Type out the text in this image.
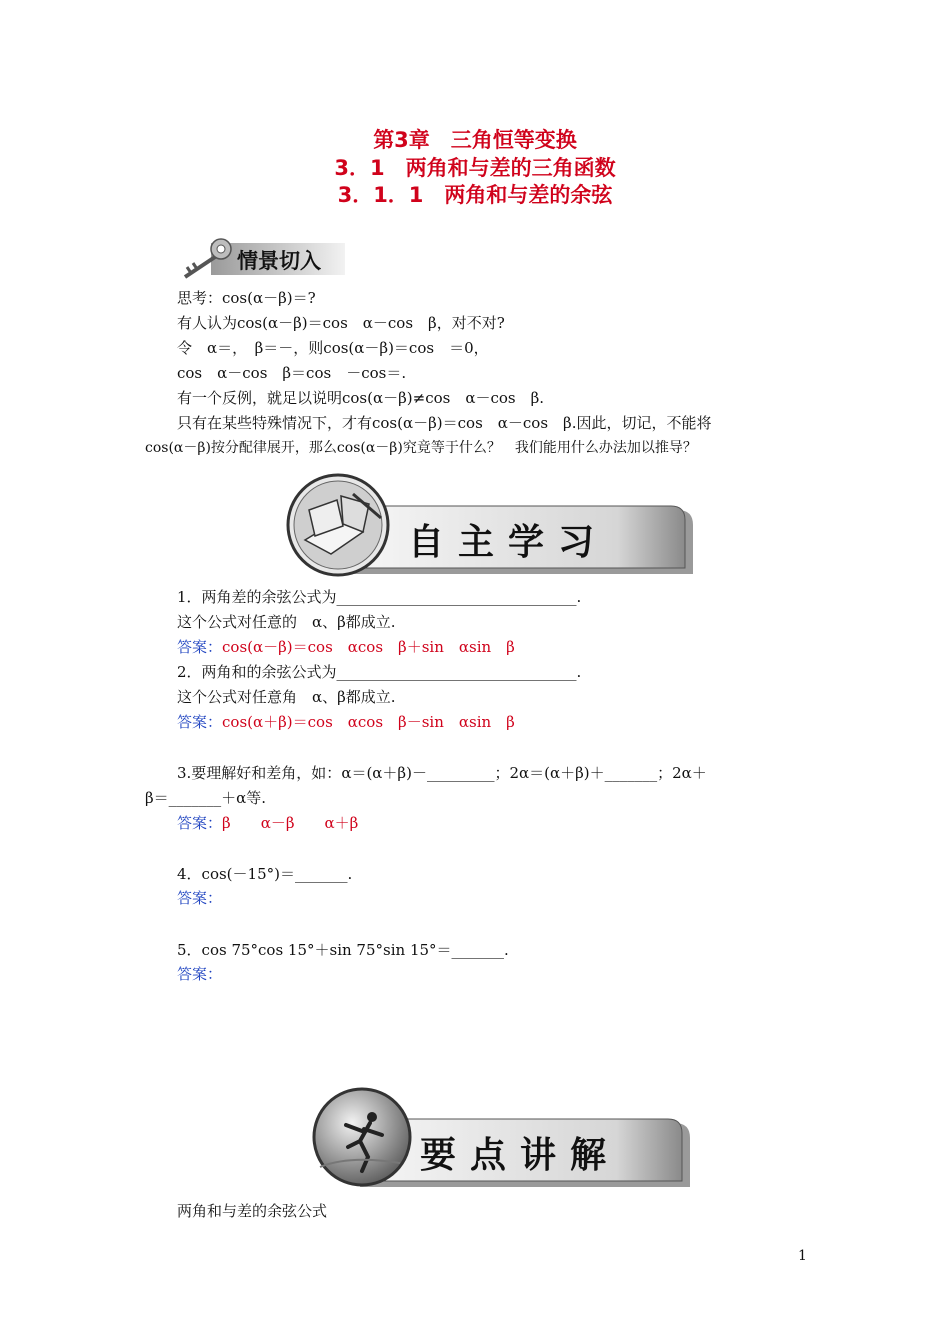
第3章　三角恒等变换
3．1　两角和与差的三角函数
3．1．1　两角和与差的余弦
情景切入
思考：cos(α－β)＝?
有人认为cos(α－β)＝cos　α－cos　β，对不对?
令　α＝，　β＝－，则cos(α－β)＝cos　＝0，
cos　α－cos　β＝cos　－cos＝.
有一个反例，就足以说明cos(α－β)≠cos　α－cos　β.
只有在某些特殊情况下，才有cos(α－β)＝cos　α－cos　β.因此，切记，不能将
cos(α－β)按分配律展开，那么cos(α－β)究竟等于什么？　我们能用什么办法加以推导？
自主学习
1．两角差的余弦公式为________________________________.
这个公式对任意的　α、β都成立.
答案：cos(α－β)＝cos　αcos　β＋sin　αsin　β
2．两角和的余弦公式为________________________________.
这个公式对任意角　α、β都成立.
答案：cos(α＋β)＝cos　αcos　β－sin　αsin　β
3.要理解好和差角，如：α＝(α＋β)－_________；2α＝(α＋β)＋_______；2α＋
β＝_______＋α等.
答案：β　　α－β　　α＋β
4．cos(－15°)＝_______.
答案：
5．cos 75°cos 15°＋sin 75°sin 15°＝_______.
答案：
要点讲解
两角和与差的余弦公式
1
